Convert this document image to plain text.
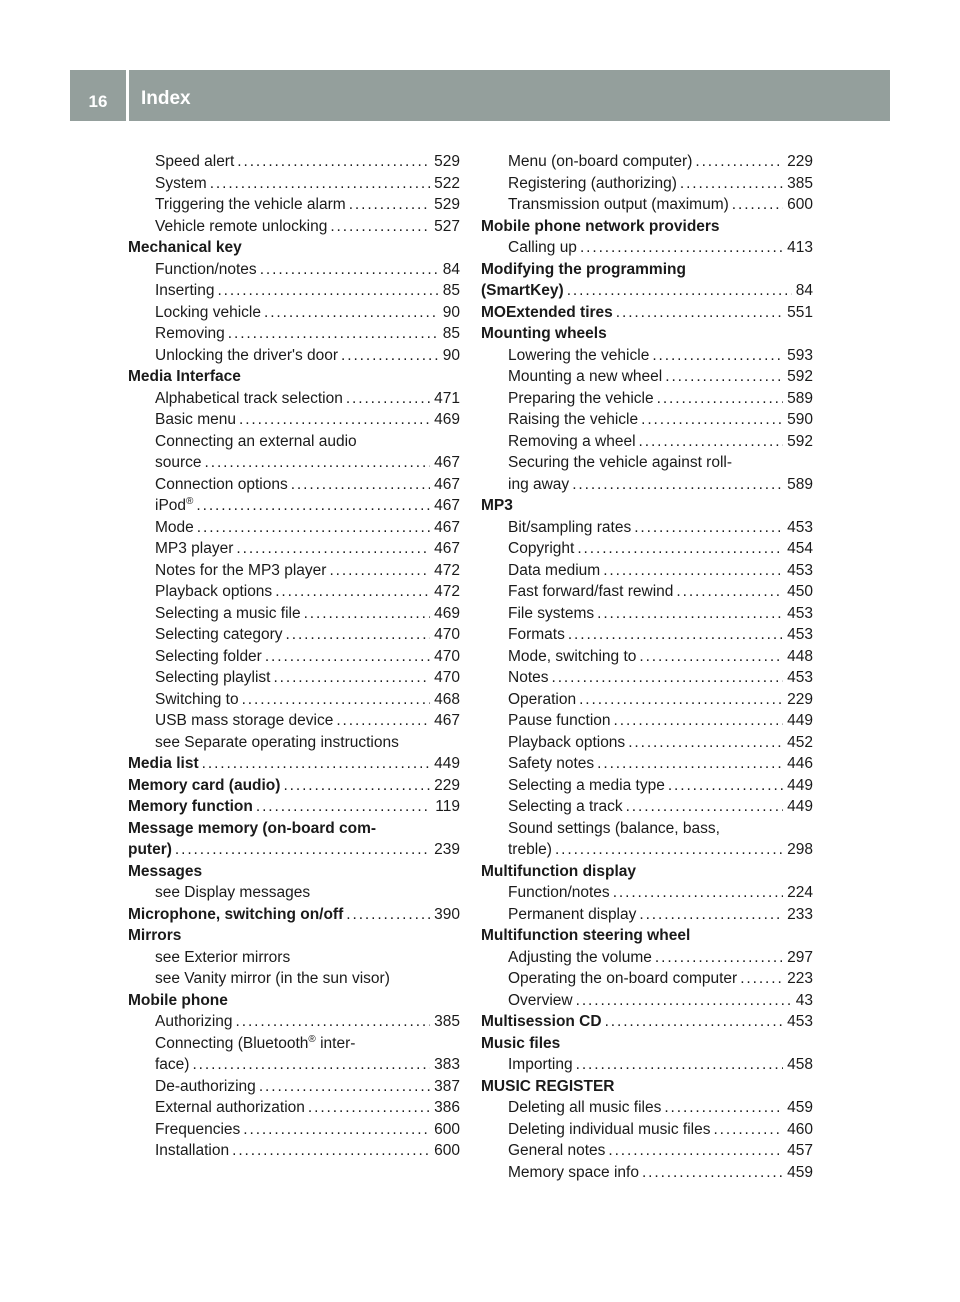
16	Index
Speed alert . . .	529
System . . .	522
Triggering the vehicle alarm . . .	529
Vehicle remote unlocking . . .	527
Mechanical key
Function/notes . . .	84
Inserting . . .	85
Locking vehicle . . .	90
Removing . . .	85
Unlocking the driver's door . . .	90
Media Interface
Alphabetical track selection . . .	471
Basic menu . . .	469
Connecting an external audio
source . . .	467
Connection options . . .	467
iPod® . . .	467
Mode . . .	467
MP3 player . . .	467
Notes for the MP3 player . . .	472
Playback options . . .	472
Selecting a music file . . .	469
Selecting category . . .	470
Selecting folder . . .	470
Selecting playlist . . .	470
Switching to . . .	468
USB mass storage device . . .	467
see Separate operating instructions
Media list . . .	449
Memory card (audio) . . .	229
Memory function . . .	119
Message memory (on-board com-
puter) . . .	239
Messages
see Display messages
Microphone, switching on/off . . .	390
Mirrors
see Exterior mirrors
see Vanity mirror (in the sun visor)
Mobile phone
Authorizing . . .	385
Connecting (Bluetooth® inter-
face) . . .	383
De-authorizing . . .	387
External authorization . . .	386
Frequencies . . .	600
Installation . . .	600
Menu (on-board computer) . . .	229
Registering (authorizing) . . .	385
Transmission output (maximum) . . .	600
Mobile phone network providers
Calling up . . .	413
Modifying the programming
(SmartKey) . . .	84
MOExtended tires . . .	551
Mounting wheels
Lowering the vehicle . . .	593
Mounting a new wheel . . .	592
Preparing the vehicle . . .	589
Raising the vehicle . . .	590
Removing a wheel . . .	592
Securing the vehicle against roll-
ing away . . .	589
MP3
Bit/sampling rates . . .	453
Copyright . . .	454
Data medium . . .	453
Fast forward/fast rewind . . .	450
File systems . . .	453
Formats . . .	453
Mode, switching to . . .	448
Notes . . .	453
Operation . . .	229
Pause function . . .	449
Playback options . . .	452
Safety notes . . .	446
Selecting a media type . . .	449
Selecting a track . . .	449
Sound settings (balance, bass,
treble) . . .	298
Multifunction display
Function/notes . . .	224
Permanent display . . .	233
Multifunction steering wheel
Adjusting the volume . . .	297
Operating the on-board computer . . .	223
Overview . . .	43
Multisession CD . . .	453
Music files
Importing . . .	458
MUSIC REGISTER
Deleting all music files . . .	459
Deleting individual music files . . .	460
General notes . . .	457
Memory space info . . .	459
